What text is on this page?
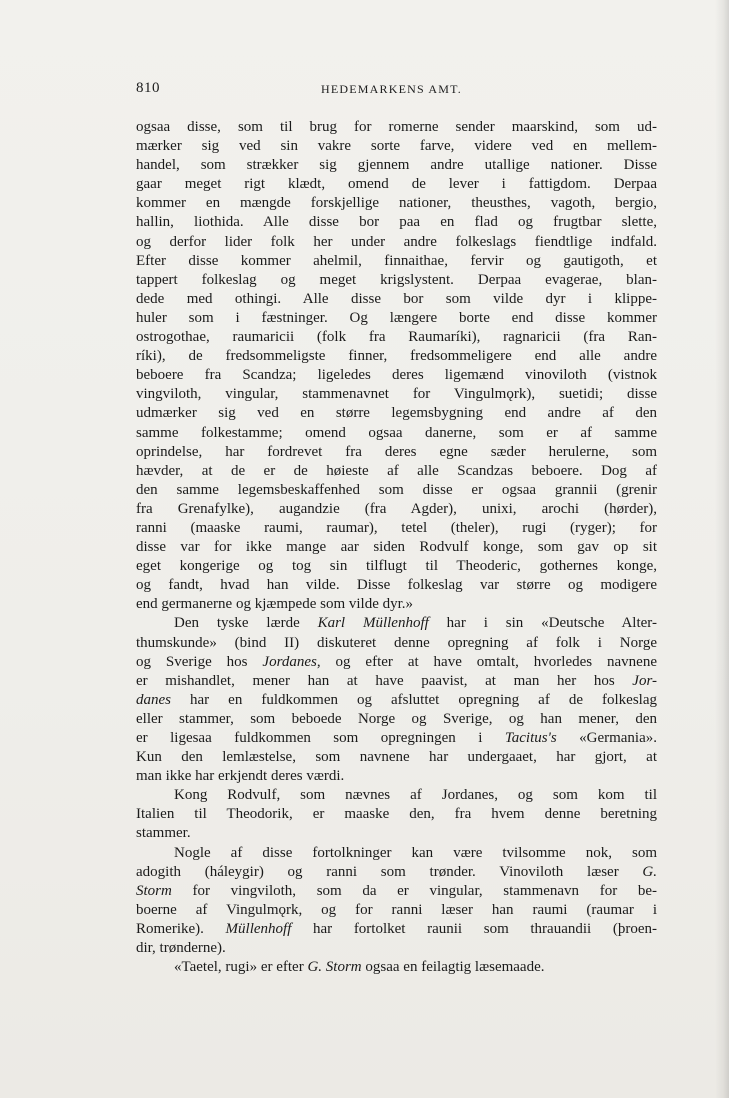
810	HEDEMARKENS AMT.
ogsaa disse, som til brug for romerne sender maarskind, som ud-
mærker sig ved sin vakre sorte farve, videre ved en mellem-
handel, som strækker sig gjennem andre utallige nationer. Disse
gaar meget rigt klædt, omend de lever i fattigdom. Derpaa
kommer en mængde forskjellige nationer, theusthes, vagoth, bergio,
hallin, liothida. Alle disse bor paa en flad og frugtbar slette,
og derfor lider folk her under andre folkeslags fiendtlige indfald.
Efter disse kommer ahelmil, finnaithae, fervir og gautigoth, et
tappert folkeslag og meget krigslystent. Derpaa evagerae, blan-
dede med othingi. Alle disse bor som vilde dyr i klippe-
huler som i fæstninger. Og længere borte end disse kommer
ostrogothae, raumaricii (folk fra Raumaríki), ragnaricii (fra Ran-
ríki), de fredsommeligste finner, fredsommeligere end alle andre
beboere fra Scandza; ligeledes deres ligemænd vinoviloth (vistnok
vingviloth, vingular, stammenavnet for Vingulmǫrk), suetidi; disse
udmærker sig ved en større legemsbygning end andre af den
samme folkestamme; omend ogsaa danerne, som er af samme
oprindelse, har fordrevet fra deres egne sæder herulerne, som
hævder, at de er de høieste af alle Scandzas beboere. Dog af
den samme legemsbeskaffenhed som disse er ogsaa grannii (grenir
fra Grenafylke), augandzie (fra Agder), unixi, arochi (hørder),
ranni (maaske raumi, raumar), tetel (theler), rugi (ryger); for
disse var for ikke mange aar siden Rodvulf konge, som gav op sit
eget kongerige og tog sin tilflugt til Theoderic, gothernes konge,
og fandt, hvad han vilde. Disse folkeslag var større og modigere
end germanerne og kjæmpede som vilde dyr.»
Den tyske lærde Karl Müllenhoff har i sin «Deutsche Alter-
thumskunde» (bind II) diskuteret denne opregning af folk i Norge
og Sverige hos Jordanes, og efter at have omtalt, hvorledes navnene
er mishandlet, mener han at have paavist, at man her hos Jor-
danes har en fuldkommen og afsluttet opregning af de folkeslag
eller stammer, som beboede Norge og Sverige, og han mener, den
er ligesaa fuldkommen som opregningen i Tacitus's «Germania».
Kun den lemlæstelse, som navnene har undergaaet, har gjort, at
man ikke har erkjendt deres værdi.
Kong Rodvulf, som nævnes af Jordanes, og som kom til
Italien til Theodorik, er maaske den, fra hvem denne beretning
stammer.
Nogle af disse fortolkninger kan være tvilsomme nok, som
adogith (háleygir) og ranni som trønder. Vinoviloth læser G.
Storm for vingviloth, som da er vingular, stammenavn for be-
boerne af Vingulmǫrk, og for ranni læser han raumi (raumar i
Romerike). Müllenhoff har fortolket raunii som thrauandii (þroen-
dir, trønderne).
«Taetel, rugi» er efter G. Storm ogsaa en feilagtig læsemaade.
